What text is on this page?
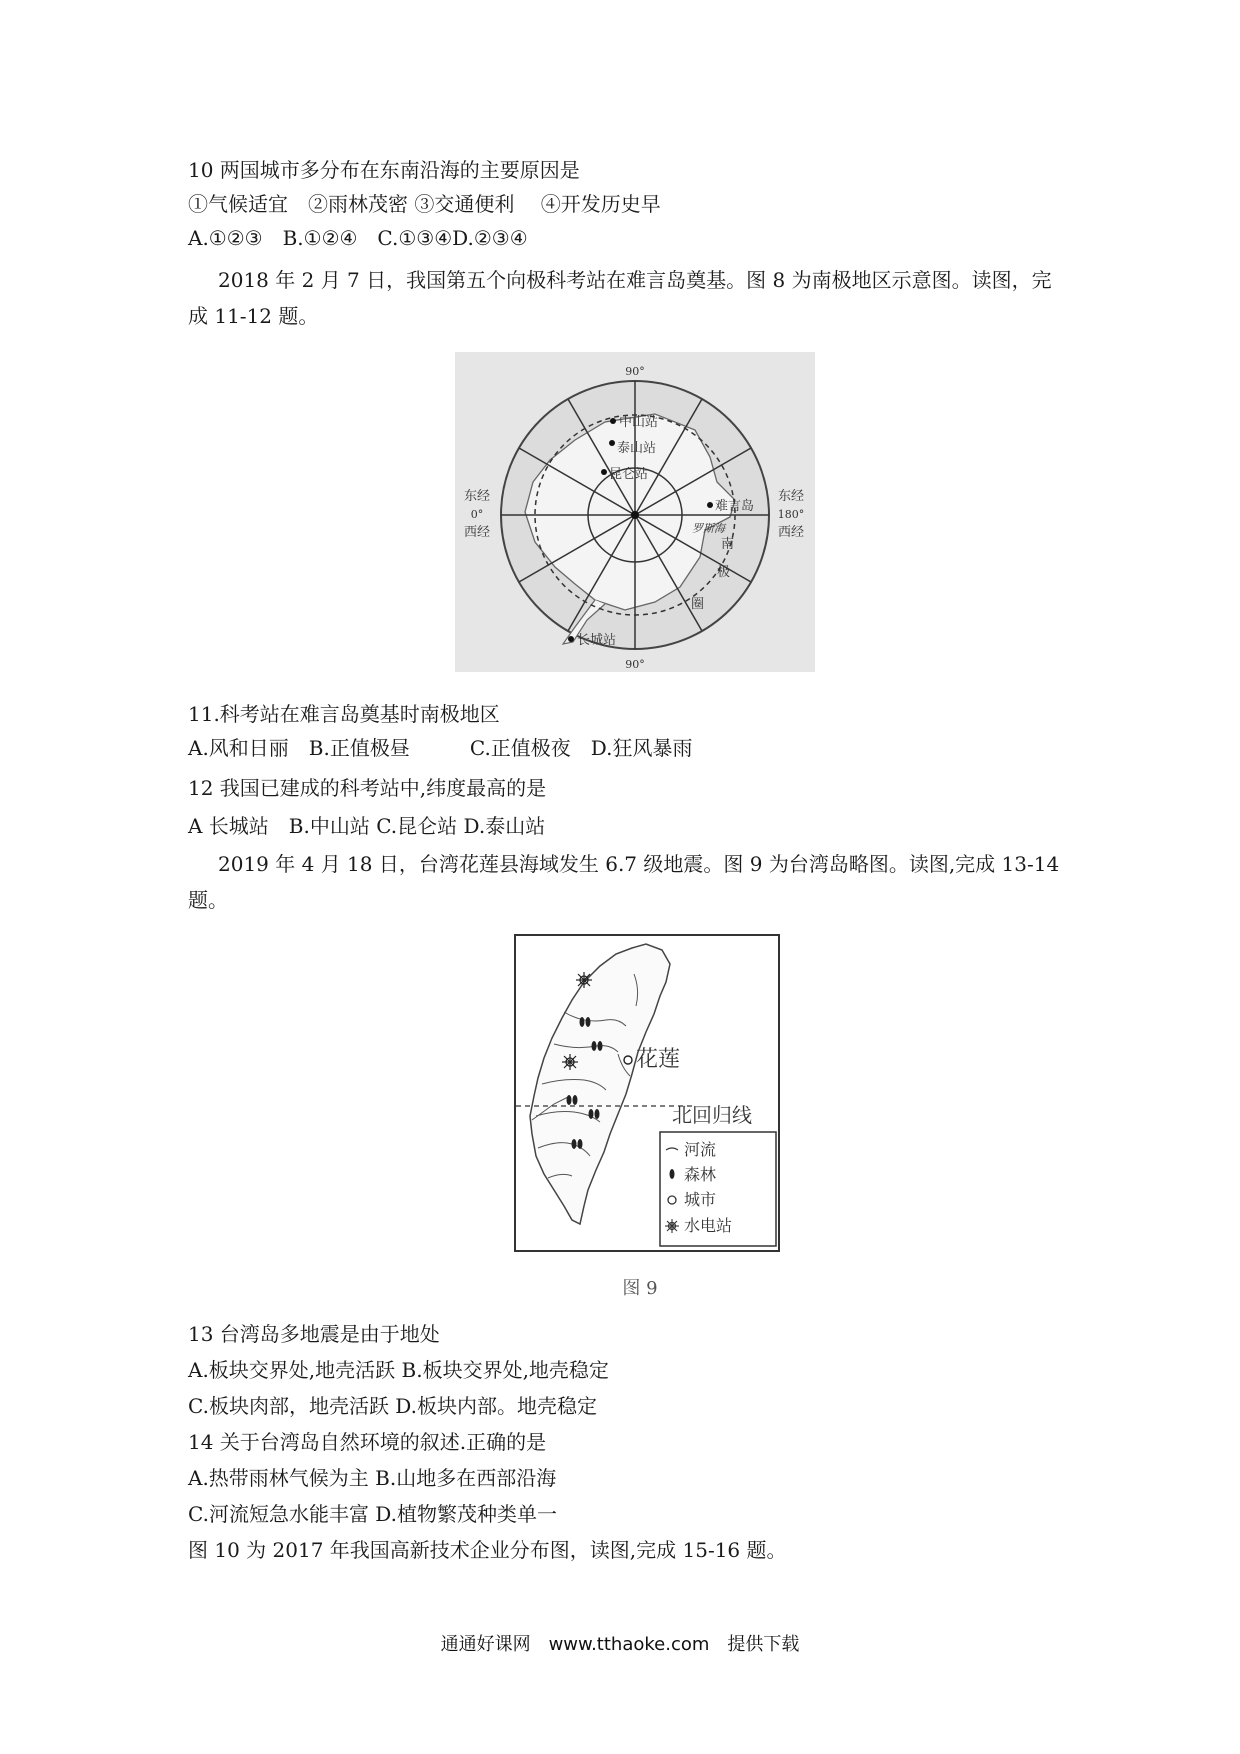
10 两国城市多分布在东南沿海的主要原因是
①气候适宜　②雨林茂密 ③交通便利　 ④开发历史早
A.①②③　B.①②④　C.①③④D.②③④
2018 年 2 月 7 日，我国第五个向极科考站在难言岛奠基。图 8 为南极地区示意图。读图，完成 11-12 题。
90°
90°
东经
0°
西经
东经
180°
西经
中山站
泰山站
昆仑站
难言岛
长城站
罗斯海
南
极
圈
11.科考站在难言岛奠基时南极地区
A.风和日丽　B.正值极昼　　　C.正值极夜　D.狂风暴雨
12 我国已建成的科考站中,纬度最高的是
A 长城站　B.中山站 C.昆仑站 D.泰山站
2019 年 4 月 18 日，台湾花莲县海域发生 6.7 级地震。图 9 为台湾岛略图。读图,完成 13-14 题。
花莲
北回归线
河流
森林
城市
水电站
图 9
13 台湾岛多地震是由于地处
A.板块交界处,地壳活跃 B.板块交界处,地壳稳定
C.板块肉部，地壳活跃 D.板块内部。地壳稳定
14 关于台湾岛自然环境的叙述.正确的是
A.热带雨林气候为主 B.山地多在西部沿海
C.河流短急水能丰富 D.植物繁茂种类单一
图 10 为 2017 年我国高新技术企业分布图，读图,完成 15-16 题。
通通好课网　www.tthaoke.com　提供下载
